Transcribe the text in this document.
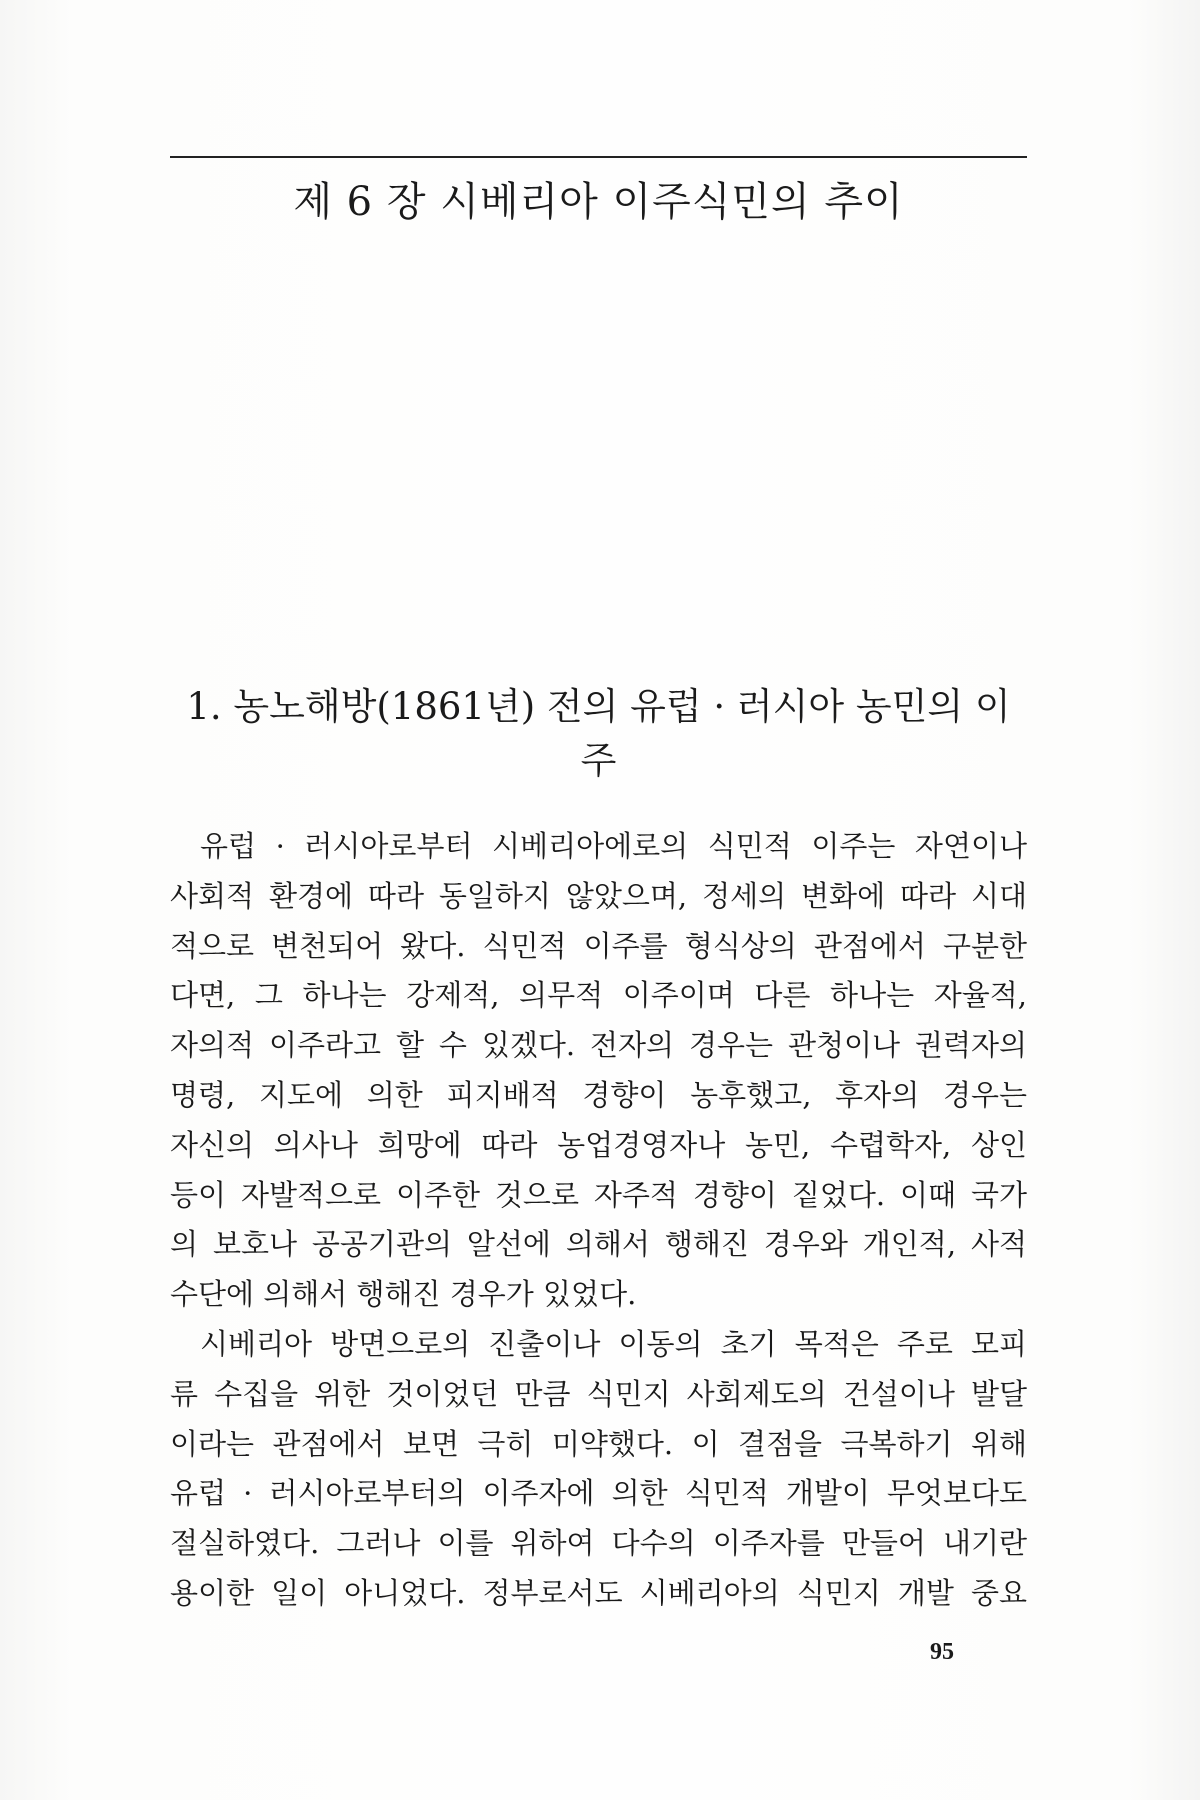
제 6 장 시베리아 이주식민의 추이
1. 농노해방(1861년) 전의 유럽 · 러시아 농민의 이주
유럽 · 러시아로부터 시베리아에로의 식민적 이주는 자연이나
사회적 환경에 따라 동일하지 않았으며, 정세의 변화에 따라 시대
적으로 변천되어 왔다. 식민적 이주를 형식상의 관점에서 구분한
다면, 그 하나는 강제적, 의무적 이주이며 다른 하나는 자율적,
자의적 이주라고 할 수 있겠다. 전자의 경우는 관청이나 권력자의
명령, 지도에 의한 피지배적 경향이 농후했고, 후자의 경우는
자신의 의사나 희망에 따라 농업경영자나 농민, 수렵학자, 상인
등이 자발적으로 이주한 것으로 자주적 경향이 짙었다. 이때 국가
의 보호나 공공기관의 알선에 의해서 행해진 경우와 개인적, 사적
수단에 의해서 행해진 경우가 있었다.
시베리아 방면으로의 진출이나 이동의 초기 목적은 주로 모피
류 수집을 위한 것이었던 만큼 식민지 사회제도의 건설이나 발달
이라는 관점에서 보면 극히 미약했다. 이 결점을 극복하기 위해
유럽 · 러시아로부터의 이주자에 의한 식민적 개발이 무엇보다도
절실하였다. 그러나 이를 위하여 다수의 이주자를 만들어 내기란
용이한 일이 아니었다. 정부로서도 시베리아의 식민지 개발 중요
95
